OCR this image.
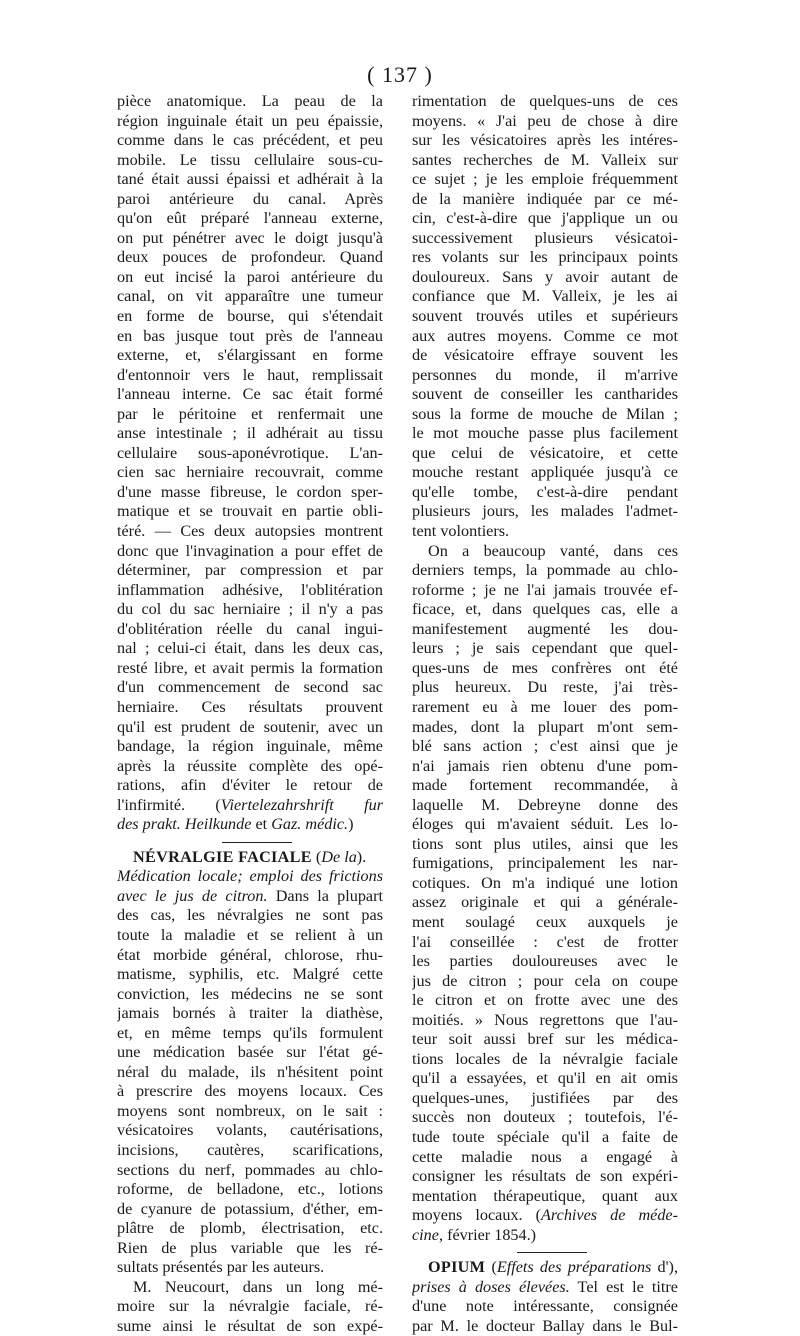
( 137 )
pièce anatomique. La peau de la
région inguinale était un peu épaissie,
comme dans le cas précédent, et peu
mobile. Le tissu cellulaire sous-cu-
tané était aussi épaissi et adhérait à la
paroi antérieure du canal. Après
qu'on eût préparé l'anneau externe,
on put pénétrer avec le doigt jusqu'à
deux pouces de profondeur. Quand
on eut incisé la paroi antérieure du
canal, on vit apparaître une tumeur
en forme de bourse, qui s'étendait
en bas jusque tout près de l'anneau
externe, et, s'élargissant en forme
d'entonnoir vers le haut, remplissait
l'anneau interne. Ce sac était formé
par le péritoine et renfermait une
anse intestinale ; il adhérait au tissu
cellulaire sous-aponévrotique. L'an-
cien sac herniaire recouvrait, comme
d'une masse fibreuse, le cordon sper-
matique et se trouvait en partie obli-
téré. — Ces deux autopsies montrent
donc que l'invagination a pour effet de
déterminer, par compression et par
inflammation adhésive, l'oblitération
du col du sac herniaire ; il n'y a pas
d'oblitération réelle du canal ingui-
nal ; celui-ci était, dans les deux cas,
resté libre, et avait permis la formation
d'un commencement de second sac
herniaire. Ces résultats prouvent
qu'il est prudent de soutenir, avec un
bandage, la région inguinale, même
après la réussite complète des opé-
rations, afin d'éviter le retour de
l'infirmité. (Viertelezahrshrift fur
des prakt. Heilkunde et Gaz. médic.)
NÉVRALGIE FACIALE (De la).
Médication locale; emploi des frictions
avec le jus de citron. Dans la plupart
des cas, les névralgies ne sont pas
toute la maladie et se relient à un
état morbide général, chlorose, rhu-
matisme, syphilis, etc. Malgré cette
conviction, les médecins ne se sont
jamais bornés à traiter la diathèse,
et, en même temps qu'ils formulent
une médication basée sur l'état gé-
néral du malade, ils n'hésitent point
à prescrire des moyens locaux. Ces
moyens sont nombreux, on le sait :
vésicatoires volants, cautérisations,
incisions, cautères, scarifications,
sections du nerf, pommades au chlo-
roforme, de belladone, etc., lotions
de cyanure de potassium, d'éther, em-
plâtre de plomb, électrisation, etc.
Rien de plus variable que les ré-
sultats présentés par les auteurs.
M. Neucourt, dans un long mé-
moire sur la névralgie faciale, ré-
sume ainsi le résultat de son expé-
rimentation de quelques-uns de ces
moyens. « J'ai peu de chose à dire
sur les vésicatoires après les intéres-
santes recherches de M. Valleix sur
ce sujet ; je les emploie fréquemment
de la manière indiquée par ce mé-
cin, c'est-à-dire que j'applique un ou
successivement plusieurs vésicatoi-
res volants sur les principaux points
douloureux. Sans y avoir autant de
confiance que M. Valleix, je les ai
souvent trouvés utiles et supérieurs
aux autres moyens. Comme ce mot
de vésicatoire effraye souvent les
personnes du monde, il m'arrive
souvent de conseiller les cantharides
sous la forme de mouche de Milan ;
le mot mouche passe plus facilement
que celui de vésicatoire, et cette
mouche restant appliquée jusqu'à ce
qu'elle tombe, c'est-à-dire pendant
plusieurs jours, les malades l'admet-
tent volontiers.
On a beaucoup vanté, dans ces
derniers temps, la pommade au chlo-
roforme ; je ne l'ai jamais trouvée ef-
ficace, et, dans quelques cas, elle a
manifestement augmenté les dou-
leurs ; je sais cependant que quel-
ques-uns de mes confrères ont été
plus heureux. Du reste, j'ai très-
rarement eu à me louer des pom-
mades, dont la plupart m'ont sem-
blé sans action ; c'est ainsi que je
n'ai jamais rien obtenu d'une pom-
made fortement recommandée, à
laquelle M. Debreyne donne des
éloges qui m'avaient séduit. Les lo-
tions sont plus utiles, ainsi que les
fumigations, principalement les nar-
cotiques. On m'a indiqué une lotion
assez originale et qui a générale-
ment soulagé ceux auxquels je
l'ai conseillée : c'est de frotter
les parties douloureuses avec le
jus de citron ; pour cela on coupe
le citron et on frotte avec une des
moitiés. » Nous regrettons que l'au-
teur soit aussi bref sur les médica-
tions locales de la névralgie faciale
qu'il a essayées, et qu'il en ait omis
quelques-unes, justifiées par des
succès non douteux ; toutefois, l'é-
tude toute spéciale qu'il a faite de
cette maladie nous a engagé à
consigner les résultats de son expéri-
mentation thérapeutique, quant aux
moyens locaux. (Archives de méde-
cine, février 1854.)
OPIUM (Effets des préparations d'),
prises à doses élevées. Tel est le titre
d'une note intéressante, consignée
par M. le docteur Ballay dans le Bul-
